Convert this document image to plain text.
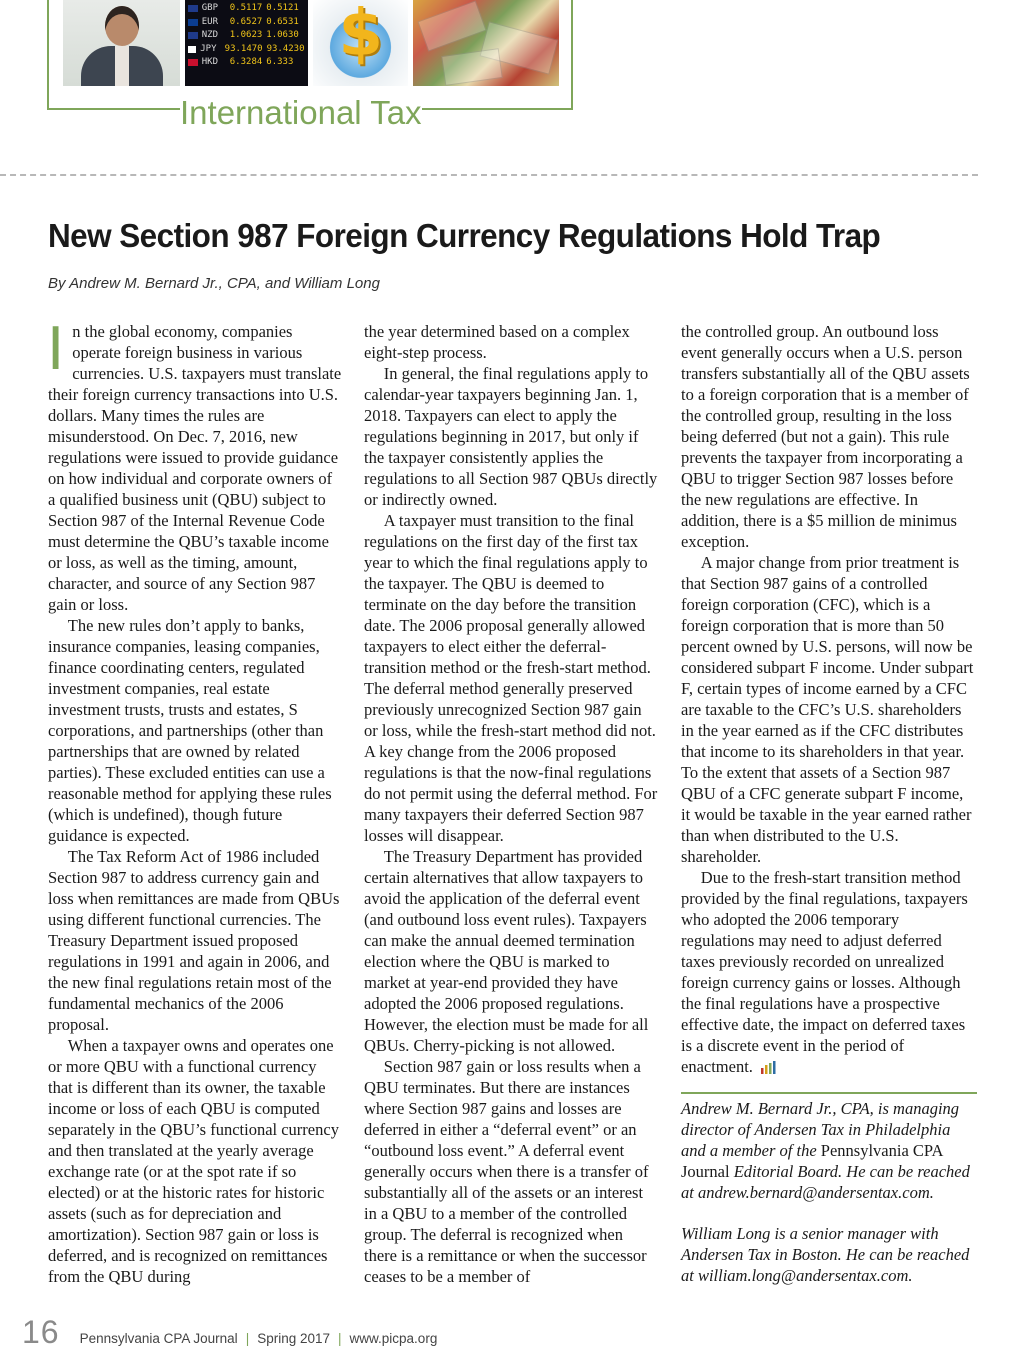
GBP	0.5117 0.5121
EUR	0.6527 0.6531
NZD	1.0623 1.0630
JPY 93.1470 93.4230
HKD	6.3284 6.333 $
International Tax
New Section 987 Foreign Currency Regulations Hold Trap
By Andrew M. Bernard Jr., CPA, and William Long

In the global economy, companies operate foreign business in various currencies. U.S. taxpayers must translate their foreign currency transactions into U.S. dollars. Many times the rules are misunderstood. On Dec. 7, 2016, new regulations were issued to provide guidance on how individual and corporate owners of a qualified business unit (QBU) subject to Section 987 of the Internal Revenue Code must determine the QBU’s taxable income or loss, as well as the timing, amount, character, and source of any Section 987 gain or loss.

The new rules don’t apply to banks, insurance companies, leasing companies, finance coordinating centers, regulated investment companies, real estate investment trusts, trusts and estates, S corporations, and partnerships (other than partnerships that are owned by related parties). These excluded entities can use a reasonable method for applying these rules (which is undefined), though future guidance is expected.

The Tax Reform Act of 1986 included Section 987 to address currency gain and loss when remittances are made from QBUs using different functional currencies. The Treasury Department issued proposed regulations in 1991 and again in 2006, and the new final regulations retain most of the fundamental mechanics of the 2006 proposal.

When a taxpayer owns and operates one or more QBU with a functional currency that is different than its owner, the taxable income or loss of each QBU is computed separately in the QBU’s functional currency and then translated at the yearly average exchange rate (or at the spot rate if so elected) or at the historic rates for historic assets (such as for depreciation and amortization). Section 987 gain or loss is deferred, and is recognized on remittances from the QBU during

the year determined based on a complex eight-step process.

In general, the final regulations apply to calendar-year taxpayers beginning Jan. 1, 2018. Taxpayers can elect to apply the regulations beginning in 2017, but only if the taxpayer consistently applies the regulations to all Section 987 QBUs directly or indirectly owned.

A taxpayer must transition to the final regulations on the first day of the first tax year to which the final regulations apply to the taxpayer. The QBU is deemed to terminate on the day before the transition date. The 2006 proposal generally allowed taxpayers to elect either the deferral-transition method or the fresh-start method. The deferral method generally preserved previously unrecognized Section 987 gain or loss, while the fresh-start method did not. A key change from the 2006 proposed regulations is that the now-final regulations do not permit using the deferral method. For many taxpayers their deferred Section 987 losses will disappear.

The Treasury Department has provided certain alternatives that allow taxpayers to avoid the application of the deferral event (and outbound loss event rules). Taxpayers can make the annual deemed termination election where the QBU is marked to market at year-end provided they have adopted the 2006 proposed regulations. However, the election must be made for all QBUs. Cherry-picking is not allowed.

Section 987 gain or loss results when a QBU terminates. But there are instances where Section 987 gains and losses are deferred in either a “deferral event” or an “outbound loss event.” A deferral event generally occurs when there is a transfer of substantially all of the assets or an interest in a QBU to a member of the controlled group. The deferral is recognized when there is a remittance or when the successor ceases to be a member of

the controlled group. An outbound loss event generally occurs when a U.S. person transfers substantially all of the QBU assets to a foreign corporation that is a member of the controlled group, resulting in the loss being deferred (but not a gain). This rule prevents the taxpayer from incorporating a QBU to trigger Section 987 losses before the new regulations are effective. In addition, there is a $5 million de minimus exception.

A major change from prior treatment is that Section 987 gains of a controlled foreign corporation (CFC), which is a foreign corporation that is more than 50 percent owned by U.S. persons, will now be considered subpart F income. Under subpart F, certain types of income earned by a CFC are taxable to the CFC’s U.S. shareholders in the year earned as if the CFC distributes that income to its shareholders in that year. To the extent that assets of a Section 987 QBU of a CFC generate subpart F income, it would be taxable in the year earned rather than when distributed to the U.S. shareholder.

Due to the fresh-start transition method provided by the final regulations, taxpayers who adopted the 2006 temporary regulations may need to adjust deferred taxes previously recorded on unrealized foreign currency gains or losses. Although the final regulations have a prospective effective date, the impact on deferred taxes is a discrete event in the period of enactment.

Andrew M. Bernard Jr., CPA, is managing director of Andersen Tax in Philadelphia and a member of the Pennsylvania CPA Journal Editorial Board. He can be reached at andrew.bernard@andersentax.com.
William Long is a senior manager with Andersen Tax in Boston. He can be reached at william.long@andersentax.com.
16 Pennsylvania CPA Journal | Spring 2017 | www.picpa.org
